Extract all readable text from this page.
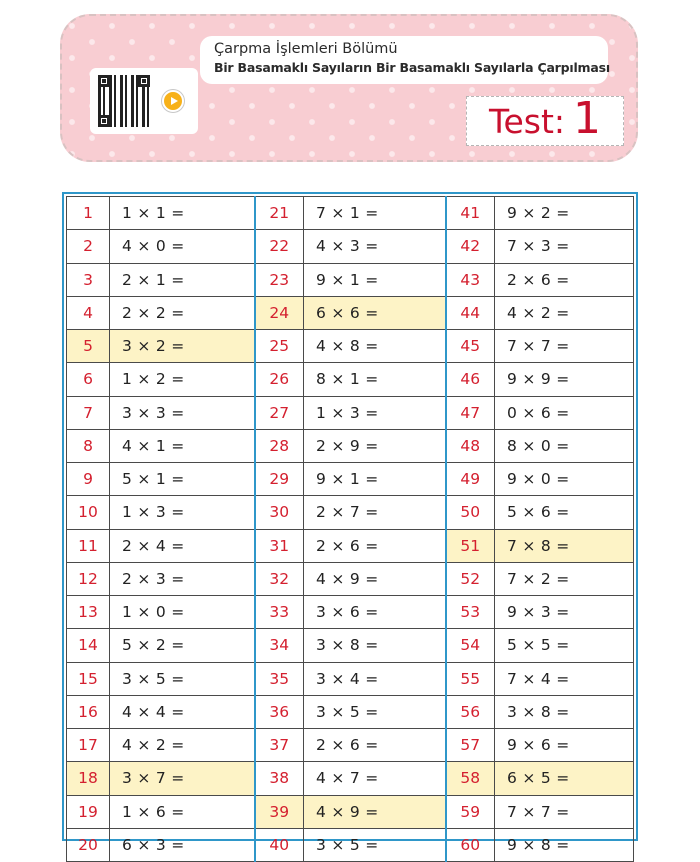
Çarpma İşlemleri Bölümü
Bir Basamaklı Sayıların Bir Basamaklı Sayılarla Çarpılması
Test: 1
1	1 × 1 =	21	7 × 1 =	41	9 × 2 =
2	4 × 0 =	22	4 × 3 =	42	7 × 3 =
3	2 × 1 =	23	9 × 1 =	43	2 × 6 =
4	2 × 2 =	24	6 × 6 =	44	4 × 2 =
5	3 × 2 =	25	4 × 8 =	45	7 × 7 =
6	1 × 2 =	26	8 × 1 =	46	9 × 9 =
7	3 × 3 =	27	1 × 3 =	47	0 × 6 =
8	4 × 1 =	28	2 × 9 =	48	8 × 0 =
9	5 × 1 =	29	9 × 1 =	49	9 × 0 =
10	1 × 3 =	30	2 × 7 =	50	5 × 6 =
11	2 × 4 =	31	2 × 6 =	51	7 × 8 =
12	2 × 3 =	32	4 × 9 =	52	7 × 2 =
13	1 × 0 =	33	3 × 6 =	53	9 × 3 =
14	5 × 2 =	34	3 × 8 =	54	5 × 5 =
15	3 × 5 =	35	3 × 4 =	55	7 × 4 =
16	4 × 4 =	36	3 × 5 =	56	3 × 8 =
17	4 × 2 =	37	2 × 6 =	57	9 × 6 =
18	3 × 7 =	38	4 × 7 =	58	6 × 5 =
19	1 × 6 =	39	4 × 9 =	59	7 × 7 =
20	6 × 3 =	40	3 × 5 =	60	9 × 8 =
